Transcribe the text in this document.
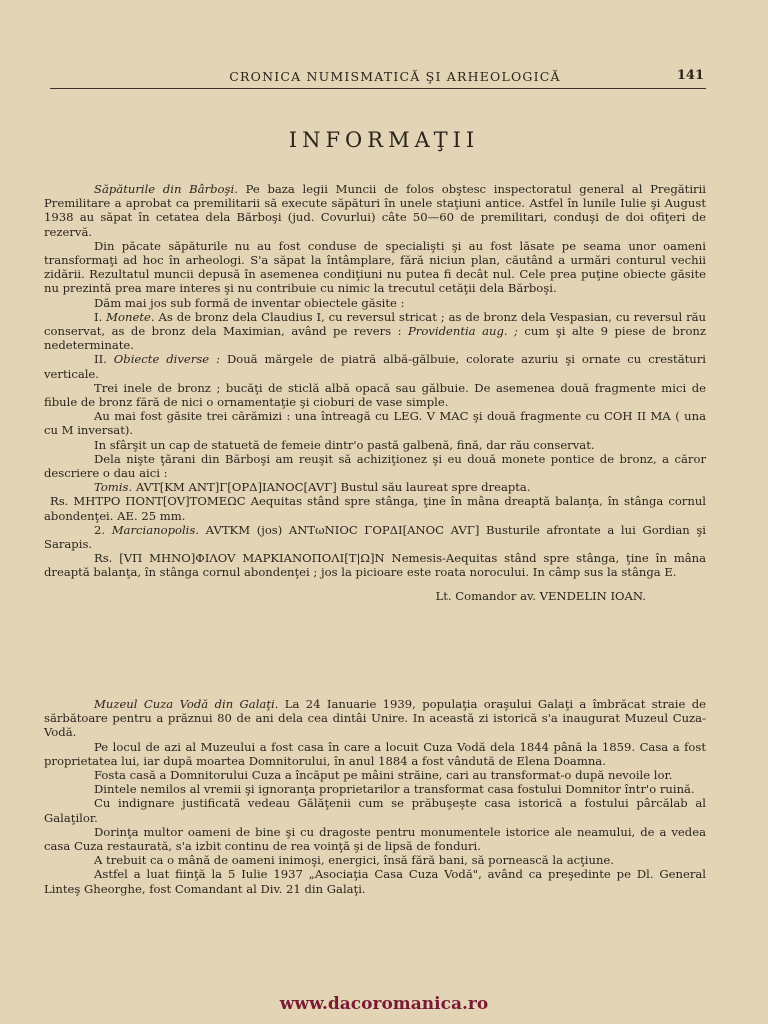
CRONICA NUMISMATICĂ ŞI ARHEOLOGICĂ	141
INFORMAŢII

Săpăturile din Bârboşi. Pe baza legii Muncii de folos obştesc inspectoratul general al Pregătirii Premilitare a aprobat ca premilitarii să execute săpături în unele staţiuni antice. Astfel în lunile Iulie şi August 1938 au săpat în cetatea dela Bărboşi (jud. Covurlui) câte 50—60 de premilitari, conduşi de doi ofiţeri de rezervă.

Din păcate săpăturile nu au fost conduse de specialişti şi au fost lăsate pe seama unor oameni transformaţi ad hoc în arheologi. S'a săpat la întâmplare, fără niciun plan, căutând a urmări conturul vechii zidării. Rezultatul muncii depusă în asemenea condiţiuni nu putea fi decât nul. Cele prea puţine obiecte găsite nu prezintă prea mare interes şi nu contribuie cu nimic la trecutul cetăţii dela Bărboşi.

Dăm mai jos sub formă de inventar obiectele găsite :

I. Monete. As de bronz dela Claudius I, cu reversul stricat ; as de bronz dela Vespasian, cu reversul rău conservat, as de bronz dela Maximian, având pe revers : Providentia aug. ; cum şi alte 9 piese de bronz nedeterminate.

II. Obiecte diverse : Două mărgele de piatră albă-gălbuie, colorate azuriu şi ornate cu crestături verticale.

Trei inele de bronz ; bucăţi de sticlă albă opacă sau gălbuie. De asemenea două fragmente mici de fibule de bronz fără de nici o ornamentaţie şi cioburi de vase simple.

Au mai fost găsite trei cărămizi : una întreagă cu LEG. V MAC şi două fragmente cu COH II MA ( una cu M inversat).

In sfârşit un cap de statuetă de femeie dintr'o pastă galbenă, fină, dar rău conservat.

Dela nişte ţărani din Bărboşi am reuşit să achiziţionez şi eu două monete pontice de bronz, a căror descriere o dau aici :

Tomis. AVT[KM ANT]Γ[OPΔ]IANOC[AVΓ] Bustul său laureat spre dreapta.

Rs. MHTPO ΠONT[OV]TOMEΩC Aequitas stând spre stânga, ţine în mâna dreaptă balanţa, în stânga cornul abondenţei. AE. 25 mm.

2. Marcianopolis. AVTKM (jos) ANTωNIOC ΓOPΔI[ANOC AVΓ] Busturile afrontate a lui Gordian şi Sarapis.

Rs. [VΠ MHNO]ΦIΛOV MAPKIANOΠOΛI[T|Ω]N Nemesis-Aequitas stând spre stânga, ţine în mâna dreaptă balanţa, în stânga cornul abondenţei ; jos la picioare este roata norocului. In câmp sus la stânga E.

Lt. Comandor av. VENDELIN IOAN.

Muzeul Cuza Vodă din Galaţi. La 24 Ianuarie 1939, populaţia oraşului Galaţi a îmbrăcat straie de sărbătoare pentru a prăznui 80 de ani dela cea dintâi Unire. In această zi istorică s'a inaugurat Muzeul Cuza-Vodă.

Pe locul de azi al Muzeului a fost casa în care a locuit Cuza Vodă dela 1844 până la 1859. Casa a fost proprietatea lui, iar după moartea Domnitorului, în anul 1884 a fost vândută de Elena Doamna.

Fosta casă a Domnitorului Cuza a încăput pe mâini străine, cari au transformat-o după nevoile lor.

Dintele nemilos al vremii şi ignoranţa proprietarilor a transformat casa fostului Domnitor într'o ruină.

Cu indignare justificată vedeau Gălăţenii cum se prăbuşeşte casa istorică a fostului pârcălab al Galaţilor.

Dorinţa multor oameni de bine şi cu dragoste pentru monumentele istorice ale neamului, de a vedea casa Cuza restaurată, s'a izbit continu de rea voinţă şi de lipsă de fonduri.

A trebuit ca o mână de oameni inimoşi, energici, însă fără bani, să pornească la acţiune.

Astfel a luat fiinţă la 5 Iulie 1937 „Asociaţia Casa Cuza Vodă", având ca preşedinte pe Dl. General Linteş Gheorghe, fost Comandant al Div. 21 din Galaţi.

www.dacoromanica.ro
